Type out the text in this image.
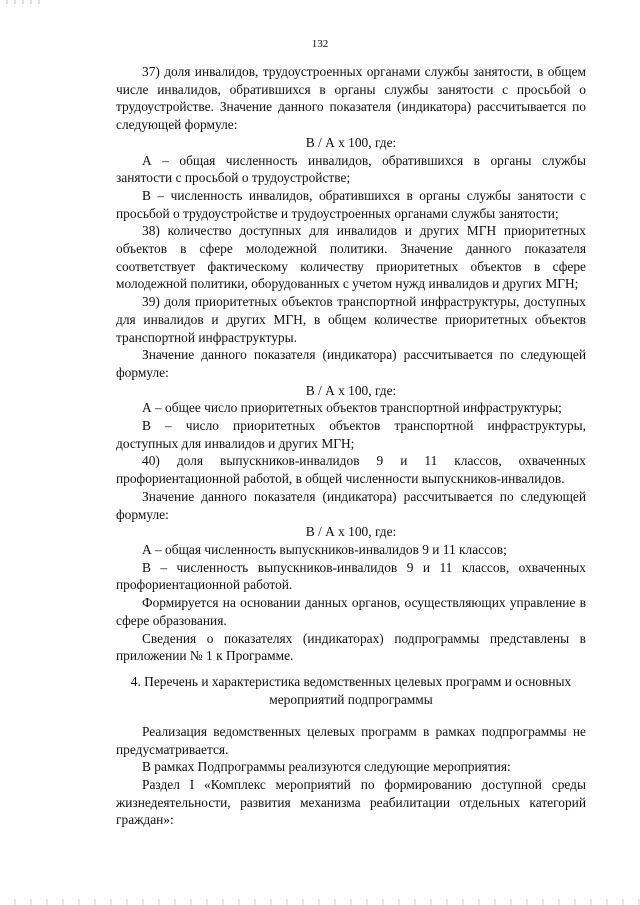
132

37) доля инвалидов, трудоустроенных органами службы занятости, в общем числе инвалидов, обратившихся в органы службы занятости с просьбой о трудоустройстве. Значение данного показателя (индикатора) рассчитывается по следующей формуле:

В / А х 100, где:

А – общая численность инвалидов, обратившихся в органы службы занятости с просьбой о трудоустройстве;

В – численность инвалидов, обратившихся в органы службы занятости с просьбой о трудоустройстве и трудоустроенных органами службы занятости;

38) количество доступных для инвалидов и других МГН приоритетных объектов в сфере молодежной политики. Значение данного показателя соответствует фактическому количеству приоритетных объектов в сфере молодежной политики, оборудованных с учетом нужд инвалидов и других МГН;

39) доля приоритетных объектов транспортной инфраструктуры, доступных для инвалидов и других МГН, в общем количестве приоритетных объектов транспортной инфраструктуры.

Значение данного показателя (индикатора) рассчитывается по следующей формуле:

В / А х 100, где:

А – общее число приоритетных объектов транспортной инфраструктуры;

В – число приоритетных объектов транспортной инфраструктуры, доступных для инвалидов и других МГН;

40) доля выпускников-инвалидов 9 и 11 классов, охваченных профориентационной работой, в общей численности выпускников-инвалидов.

Значение данного показателя (индикатора) рассчитывается по следующей формуле:

В / А х 100, где:

А – общая численность выпускников-инвалидов 9 и 11 классов;

В – численность выпускников-инвалидов 9 и 11 классов, охваченных профориентационной работой.

Формируется на основании данных органов, осуществляющих управление в сфере образования.

Сведения о показателях (индикаторах) подпрограммы представлены в приложении № 1 к Программе.

4. Перечень и характеристика ведомственных целевых программ и основных мероприятий подпрограммы

Реализация ведомственных целевых программ в рамках подпрограммы не предусматривается.

В рамках Подпрограммы реализуются следующие мероприятия:

Раздел I «Комплекс мероприятий по формированию доступной среды жизнедеятельности, развития механизма реабилитации отдельных категорий граждан»:
